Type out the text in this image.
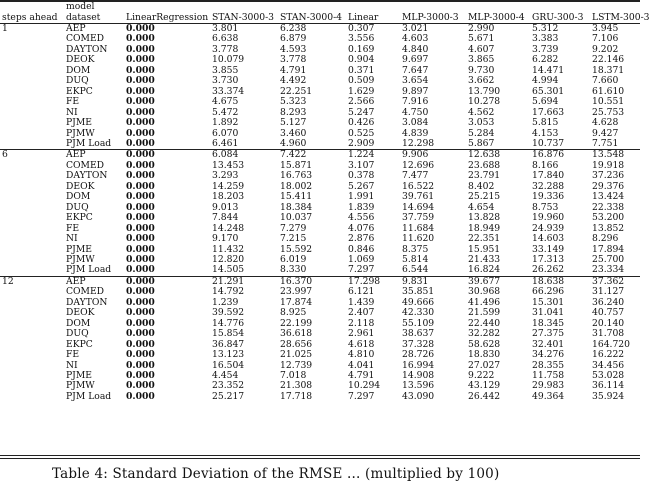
	model								
steps ahead	dataset	LinearRegression	STAN-3000-3	STAN-3000-4	Linear	MLP-3000-3	MLP-3000-4	GRU-300-3	LSTM-300-3
1	AEP	0.000	3.801	6.238	0.307	3.021	2.990	5.312	3.945
	COMED	0.000	6.638	6.879	3.556	4.603	5.671	3.383	7.106
	DAYTON	0.000	3.778	4.593	0.169	4.840	4.607	3.739	9.202
	DEOK	0.000	10.079	3.778	0.904	9.697	3.865	6.282	22.146
	DOM	0.000	3.855	4.791	0.371	7.647	9.730	14.471	18.371
	DUQ	0.000	3.730	4.492	0.509	3.654	3.662	4.994	7.660
	EKPC	0.000	33.374	22.251	1.629	9.897	13.790	65.301	61.610
	FE	0.000	4.675	5.323	2.566	7.916	10.278	5.694	10.551
	NI	0.000	5.472	8.293	5.247	4.750	4.562	17.663	25.753
	PJME	0.000	1.892	5.127	0.426	3.084	3.053	5.815	4.628
	PJMW	0.000	6.070	3.460	0.525	4.839	5.284	4.153	9.427
	PJM Load	0.000	6.461	4.960	2.909	12.298	5.867	10.737	7.751
6	AEP	0.000	6.084	7.422	1.224	9.906	12.638	16.876	13.548
	COMED	0.000	13.453	15.871	3.107	12.696	23.688	8.166	19.918
	DAYTON	0.000	3.293	16.763	0.378	7.477	23.791	17.840	37.236
	DEOK	0.000	14.259	18.002	5.267	16.522	8.402	32.288	29.376
	DOM	0.000	18.203	15.411	1.991	39.761	25.215	19.336	13.424
	DUQ	0.000	9.013	18.384	1.839	14.694	4.654	8.753	22.338
	EKPC	0.000	7.844	10.037	4.556	37.759	13.828	19.960	53.200
	FE	0.000	14.248	7.279	4.076	11.684	18.949	24.939	13.852
	NI	0.000	9.170	7.215	2.876	11.620	22.351	14.603	8.296
	PJME	0.000	11.432	15.592	0.846	8.375	15.951	33.149	17.894
	PJMW	0.000	12.820	6.019	1.069	5.814	21.433	17.313	25.700
	PJM Load	0.000	14.505	8.330	7.297	6.544	16.824	26.262	23.334
12	AEP	0.000	21.291	16.370	17.298	9.831	39.677	18.638	37.362
	COMED	0.000	14.792	23.997	6.121	35.851	30.968	66.296	31.127
	DAYTON	0.000	1.239	17.874	1.439	49.666	41.496	15.301	36.240
	DEOK	0.000	39.592	8.925	2.407	42.330	21.599	31.041	40.757
	DOM	0.000	14.776	22.199	2.118	55.109	22.440	18.345	20.140
	DUQ	0.000	15.854	36.618	2.961	38.637	32.282	27.375	31.708
	EKPC	0.000	36.847	28.656	4.618	37.328	58.628	32.401	164.720
	FE	0.000	13.123	21.025	4.810	28.726	18.830	34.276	16.222
	NI	0.000	16.504	12.739	4.041	16.994	27.027	28.355	34.456
	PJME	0.000	4.454	7.018	4.791	14.908	9.222	11.758	53.028
	PJMW	0.000	23.352	21.308	10.294	13.596	43.129	29.983	36.114
	PJM Load	0.000	25.217	17.718	7.297	43.090	26.442	49.364	35.924
Table 4: Standard Deviation of the RMSE ... (multiplied by 100)
